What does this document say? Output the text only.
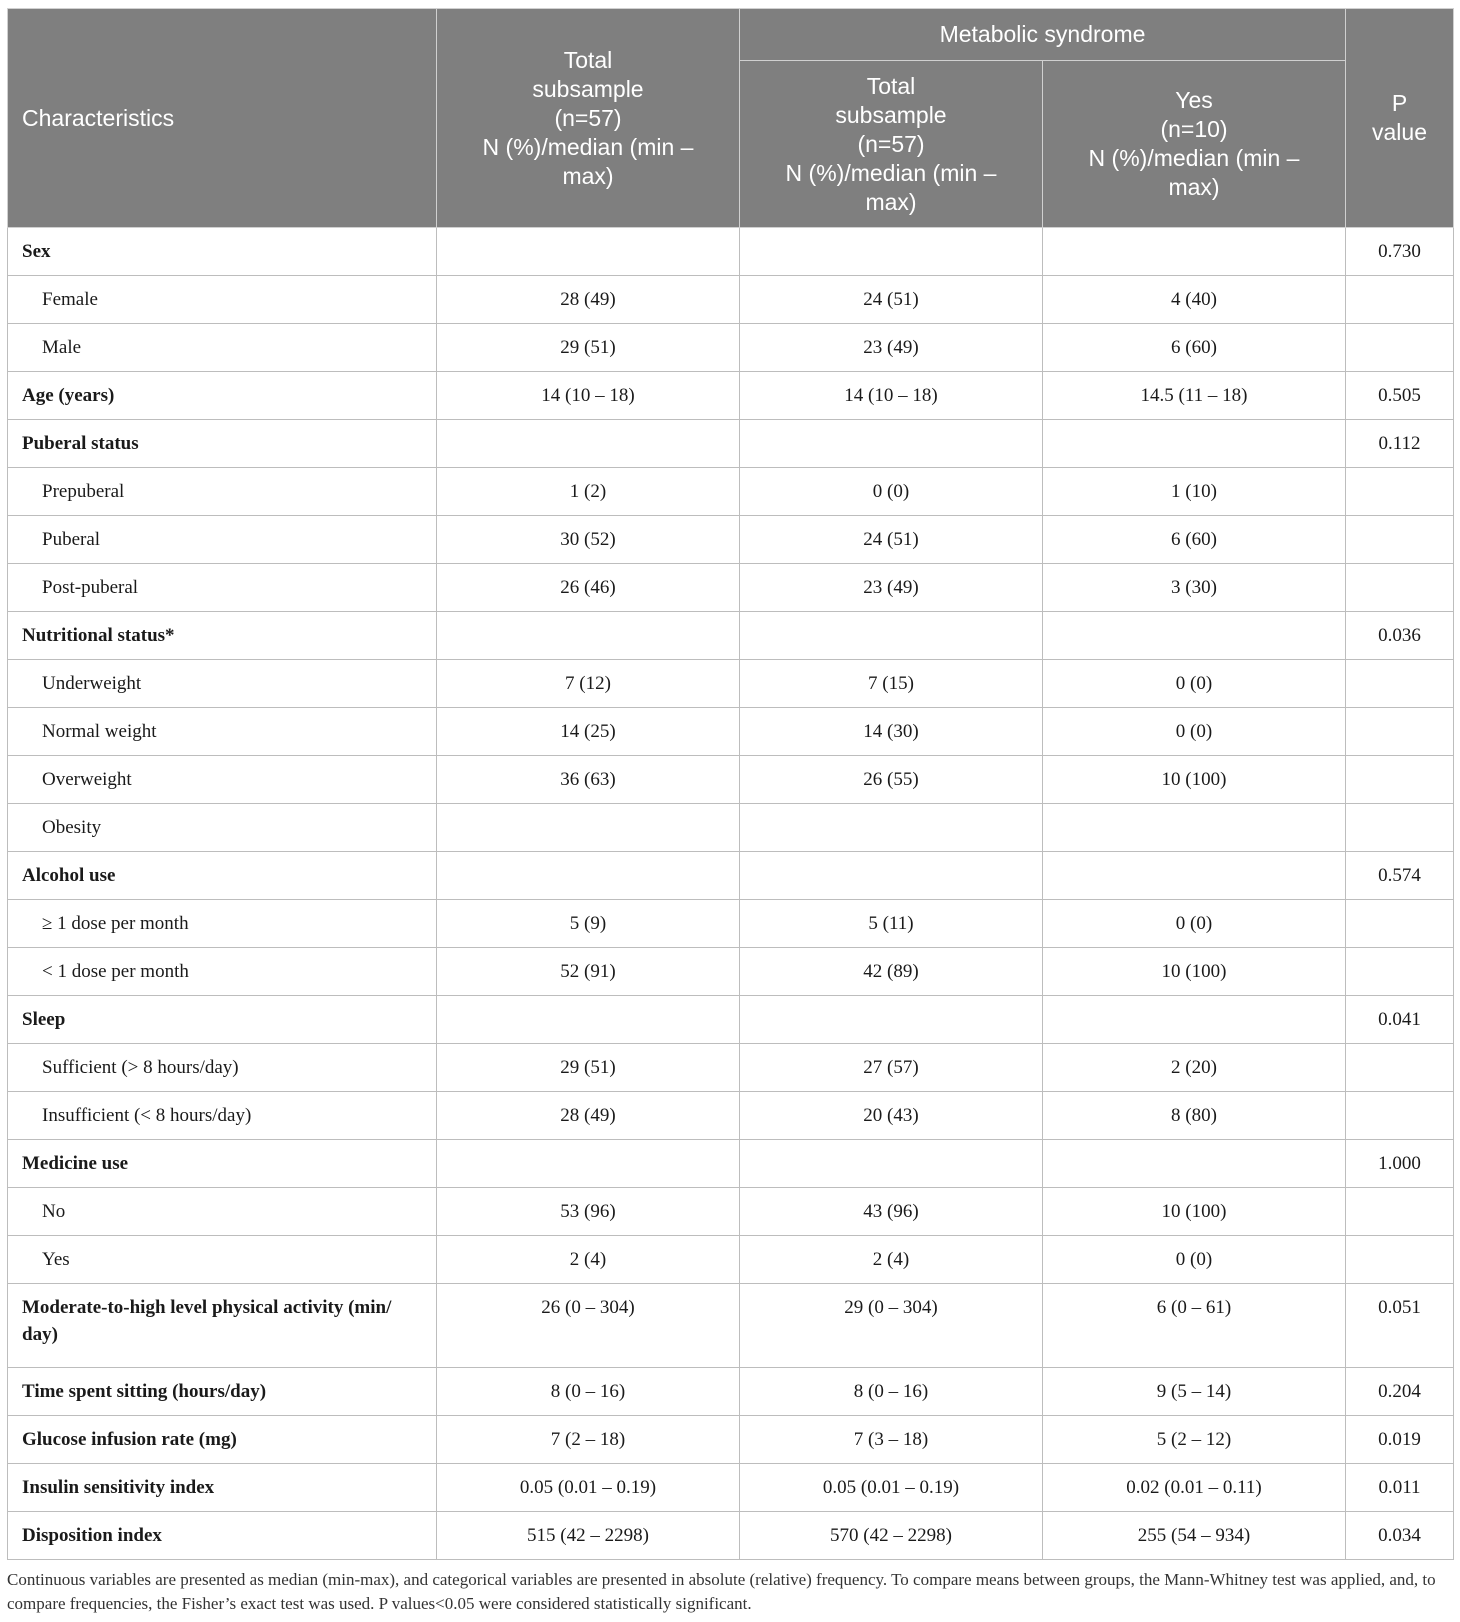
Characteristics	Total
subsample
(n=57)
N (%)/median (min –
max)	Metabolic syndrome		P
value

		Total
subsample
(n=57)
N (%)/median (min –
max)	Yes
(n=10)
N (%)/median (min –
max)	

Sex				0.730
Female	28 (49)	24 (51)	4 (40)	
Male	29 (51)	23 (49)	6 (60)	
Age (years)	14 (10 – 18)	14 (10 – 18)	14.5 (11 – 18)	0.505
Puberal status				0.112
Prepuberal	1 (2)	0 (0)	1 (10)	
Puberal	30 (52)	24 (51)	6 (60)	
Post-puberal	26 (46)	23 (49)	3 (30)	
Nutritional status*				0.036
Underweight	7 (12)	7 (15)	0 (0)	
Normal weight	14 (25)	14 (30)	0 (0)	
Overweight	36 (63)	26 (55)	10 (100)	
Obesity				
Alcohol use				0.574
≥ 1 dose per month	5 (9)	5 (11)	0 (0)	
< 1 dose per month	52 (91)	42 (89)	10 (100)	
Sleep				0.041
Sufficient (> 8 hours/day)	29 (51)	27 (57)	2 (20)	
Insufficient (< 8 hours/day)	28 (49)	20 (43)	8 (80)	
Medicine use				1.000
No	53 (96)	43 (96)	10 (100)	
Yes	2 (4)	2 (4)	0 (0)	
Moderate-to-high level physical activity (min/ day)	26 (0 – 304)	29 (0 – 304)	6 (0 – 61)	0.051
Time spent sitting (hours/day)	8 (0 – 16)	8 (0 – 16)	9 (5 – 14)	0.204
Glucose infusion rate (mg)	7 (2 – 18)	7 (3 – 18)	5 (2 – 12)	0.019
Insulin sensitivity index	0.05 (0.01 – 0.19)	0.05 (0.01 – 0.19)	0.02 (0.01 – 0.11)	0.011
Disposition index	515 (42 – 2298)	570 (42 – 2298)	255 (54 – 934)	0.034
Continuous variables are presented as median (min-max), and categorical variables are presented in absolute (relative) frequency. To compare means between groups, the Mann-Whitney test was applied, and, to compare frequencies, the Fisher’s exact test was used. P values<0.05 were considered statistically significant.
